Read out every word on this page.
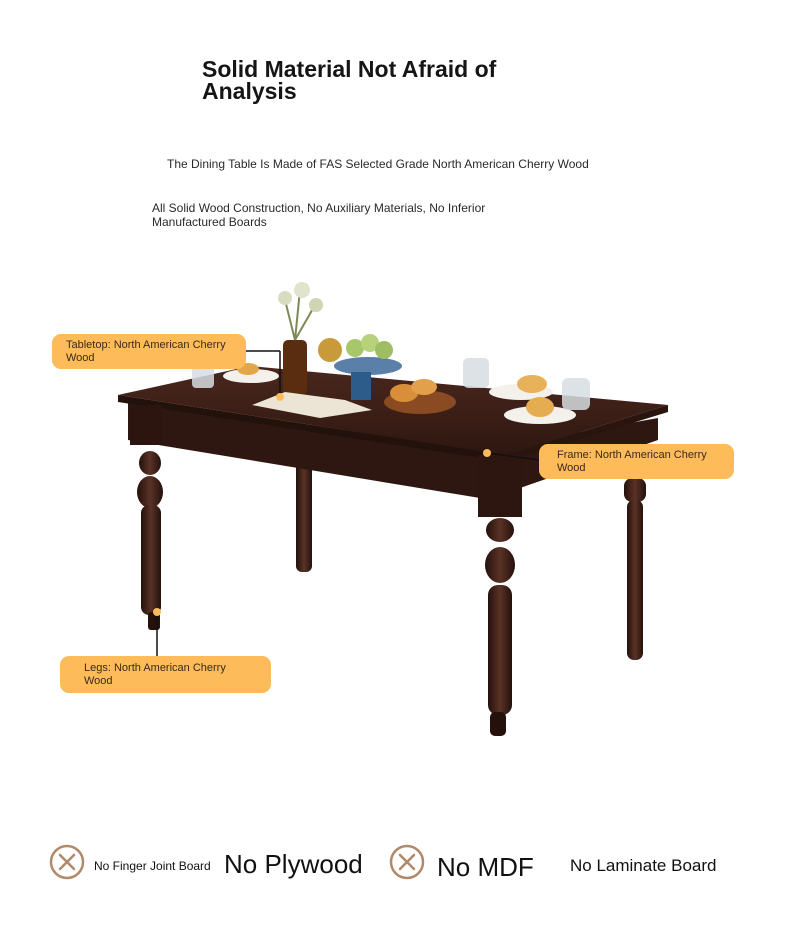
Solid Material Not Afraid of Analysis
The Dining Table Is Made of FAS Selected Grade North American Cherry Wood
All Solid Wood Construction, No Auxiliary Materials, No Inferior Manufactured Boards
Tabletop: North American Cherry Wood
Frame: North American Cherry Wood
Legs: North American Cherry Wood
No Finger Joint Board No Plywood	No MDF No Laminate Board
